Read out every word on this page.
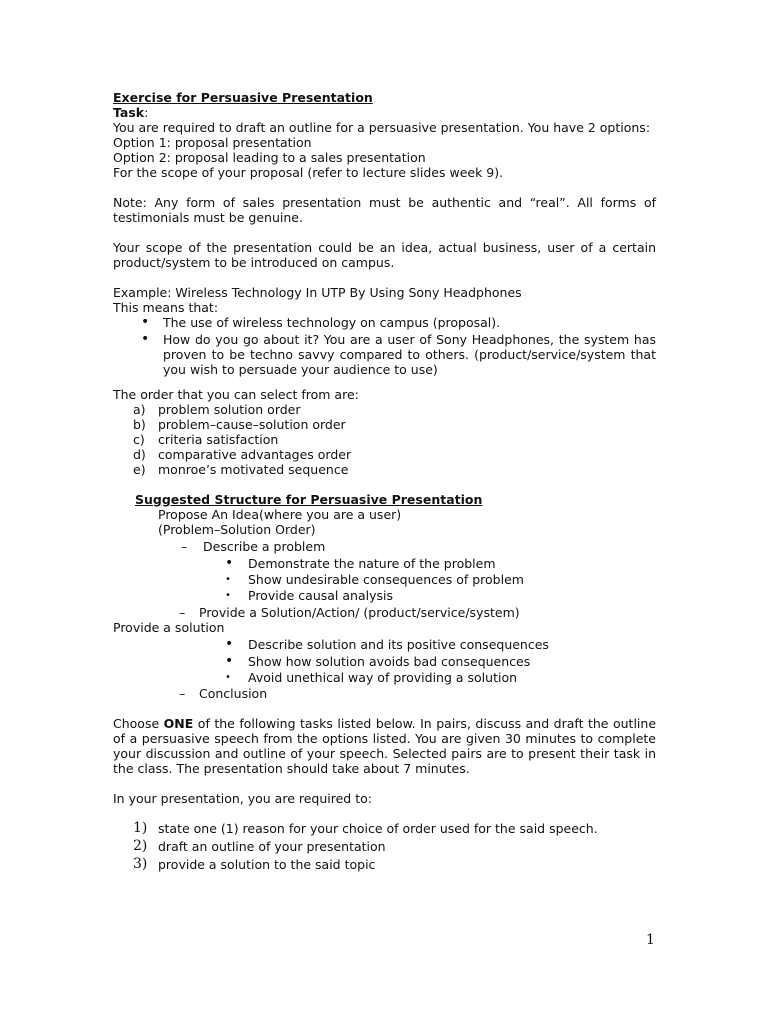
Exercise for Persuasive Presentation

Task:

You are required to draft an outline for a persuasive presentation. You have 2 options:

Option 1: proposal presentation

Option 2: proposal leading to a sales presentation

For the scope of your proposal (refer to lecture slides week 9).

Note: Any form of sales presentation must be authentic and “real”. All forms of testimonials must be genuine.

Your scope of the presentation could be an idea, actual business, user of a certain product/system to be introduced on campus.

Example: Wireless Technology In UTP By Using Sony Headphones

This means that:

• The use of wireless technology on campus (proposal).
• How do you go about it? You are a user of Sony Headphones, the system has proven to be techno savvy compared to others. (product/service/system that you wish to persuade your audience to use)

The order that you can select from are:

a) problem solution order
b) problem–cause–solution order
c) criteria satisfaction
d) comparative advantages order
e) monroe’s motivated sequence

Suggested Structure for Persuasive Presentation

Propose An Idea(where you are a user)

(Problem–Solution Order)

– Describe a problem

• Demonstrate the nature of the problem

• Show undesirable consequences of problem

• Provide causal analysis

– Provide a Solution/Action/ (product/service/system)

Provide a solution

• Describe solution and its positive consequences

• Show how solution avoids bad consequences

• Avoid unethical way of providing a solution

– Conclusion

Choose ONE of the following tasks listed below. In pairs, discuss and draft the outline of a persuasive speech from the options listed. You are given 30 minutes to complete your discussion and outline of your speech. Selected pairs are to present their task in the class. The presentation should take about 7 minutes.

In your presentation, you are required to:

1) state one (1) reason for your choice of order used for the said speech.
2) draft an outline of your presentation
3) provide a solution to the said topic
1
